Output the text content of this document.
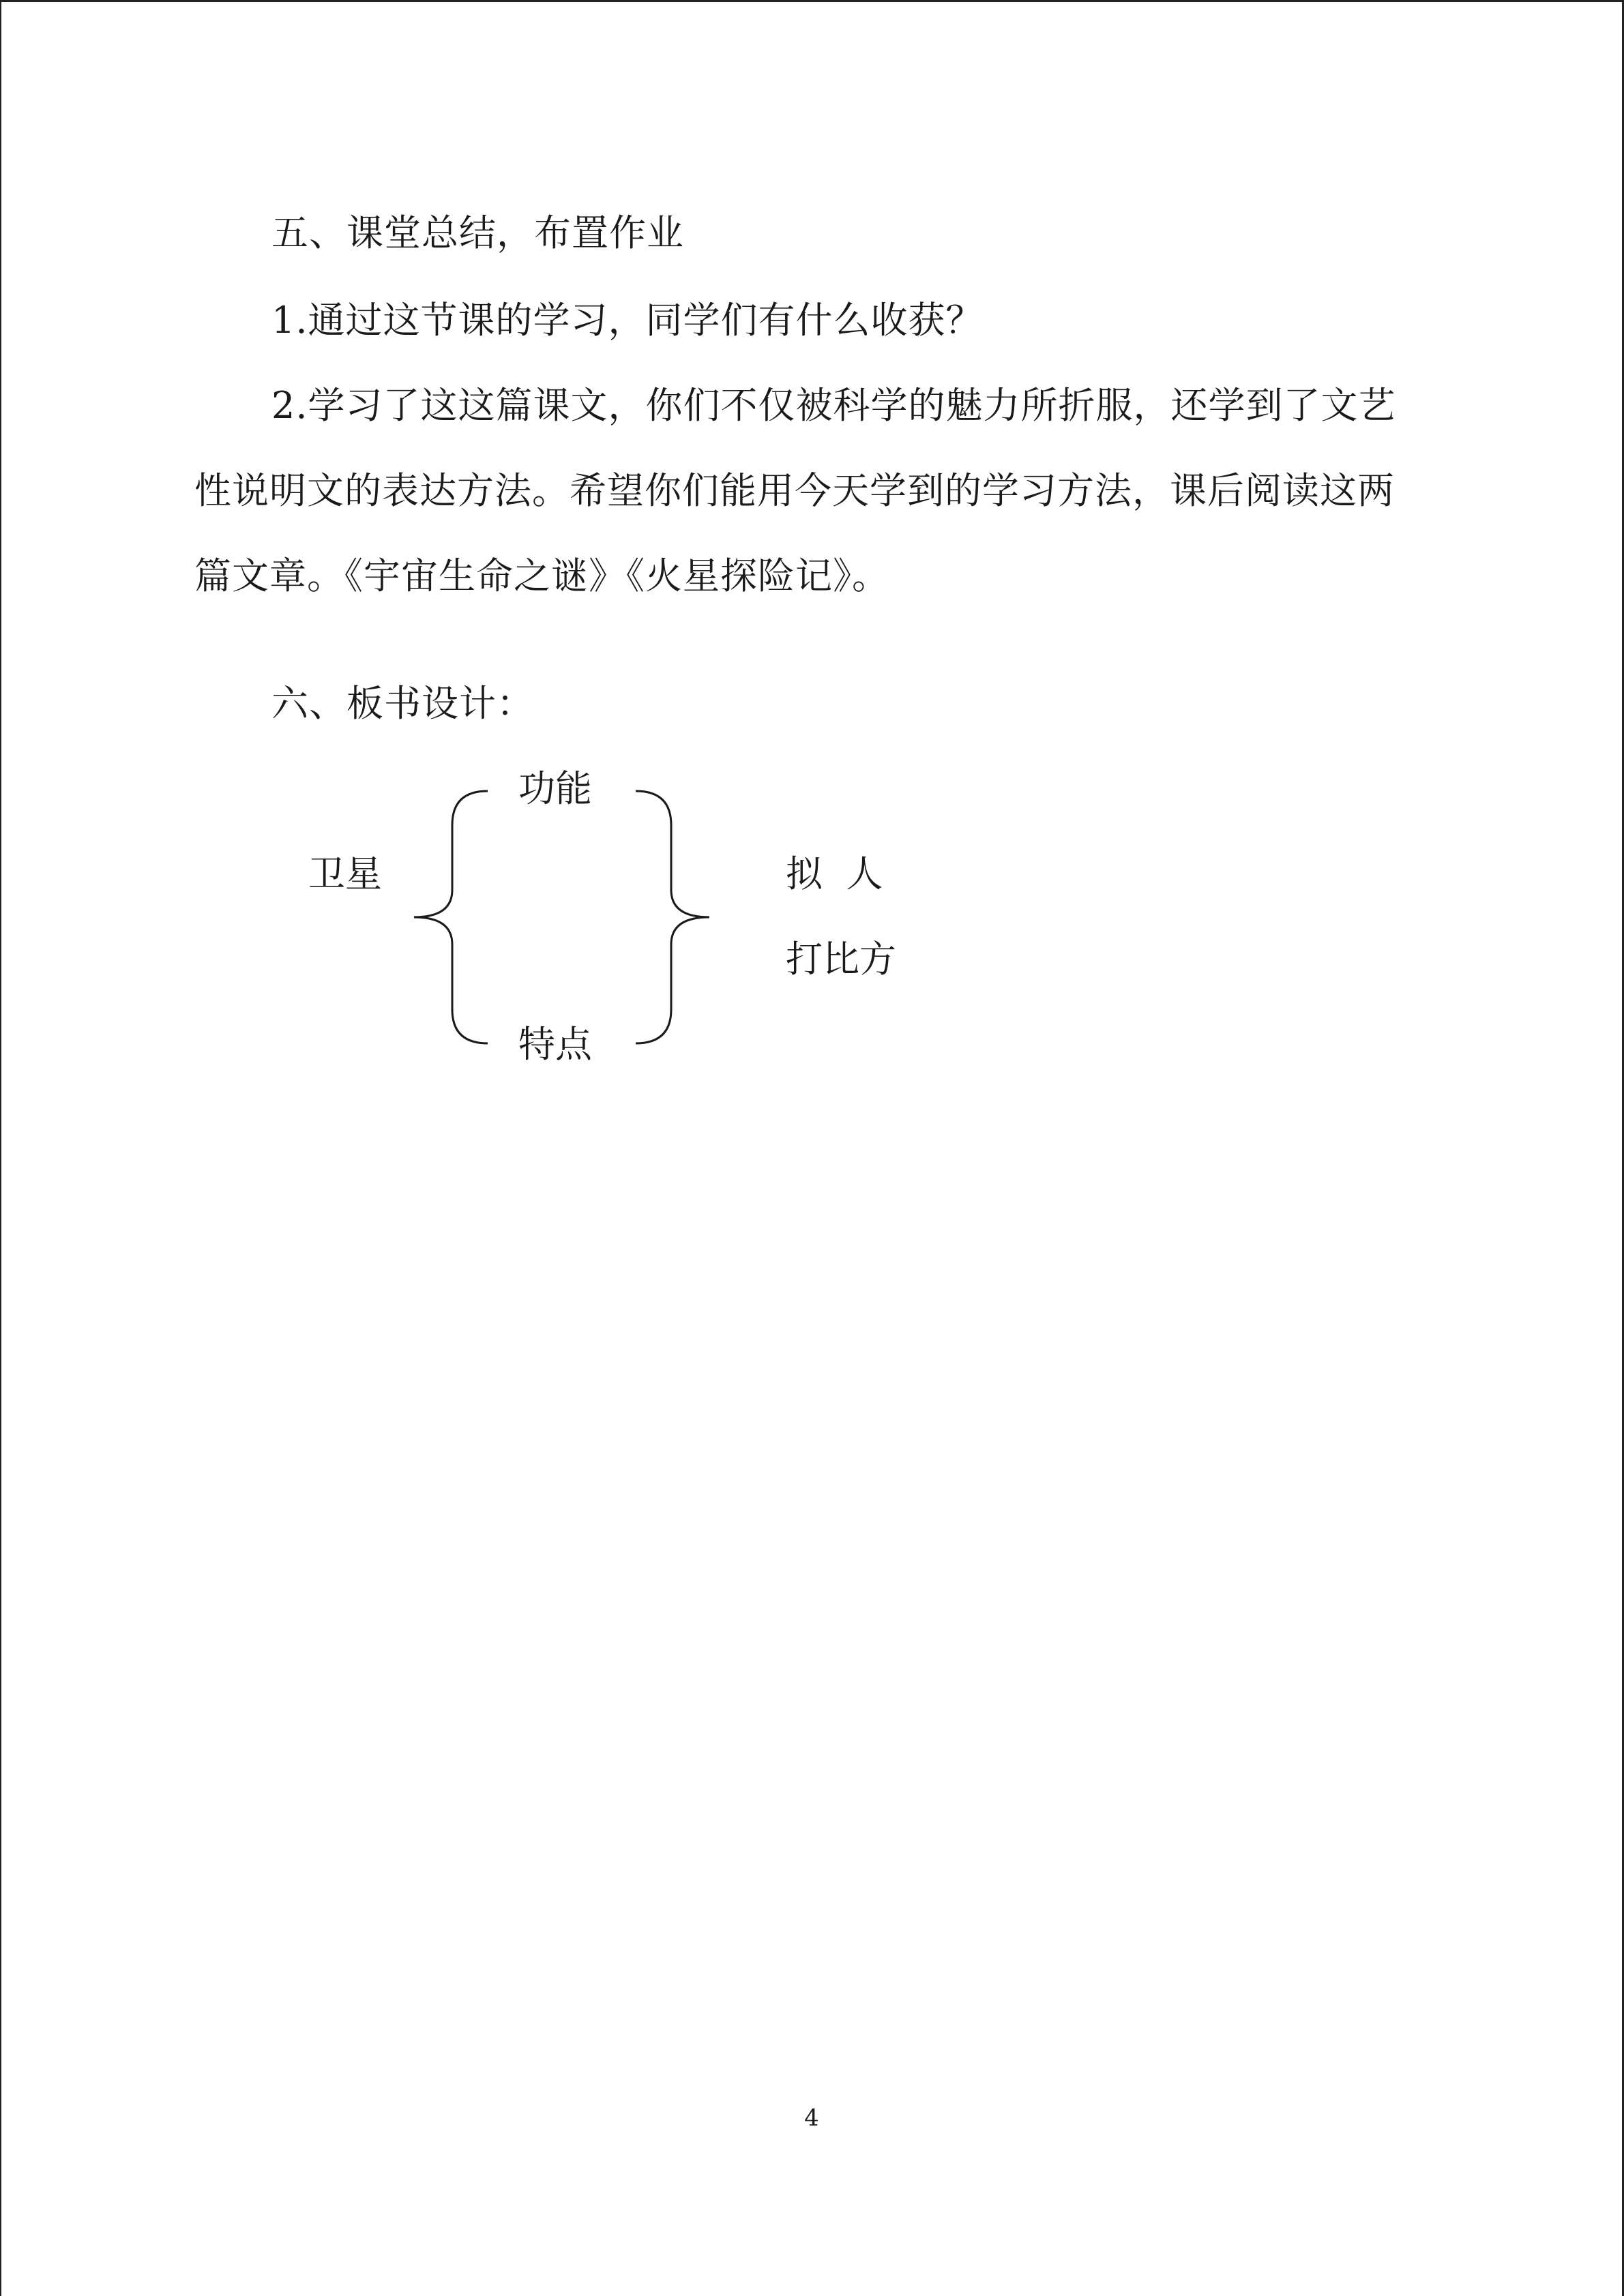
五、课堂总结，布置作业
1.通过这节课的学习，同学们有什么收获？
2.学习了这这篇课文，你们不仅被科学的魅力所折服，还学到了文艺
性说明文的表达方法。希望你们能用今天学到的学习方法，课后阅读这两
篇文章。《宇宙生命之谜》《火星探险记》。
六、板书设计：
功能
卫星	拟  人
打比方
特点
4
